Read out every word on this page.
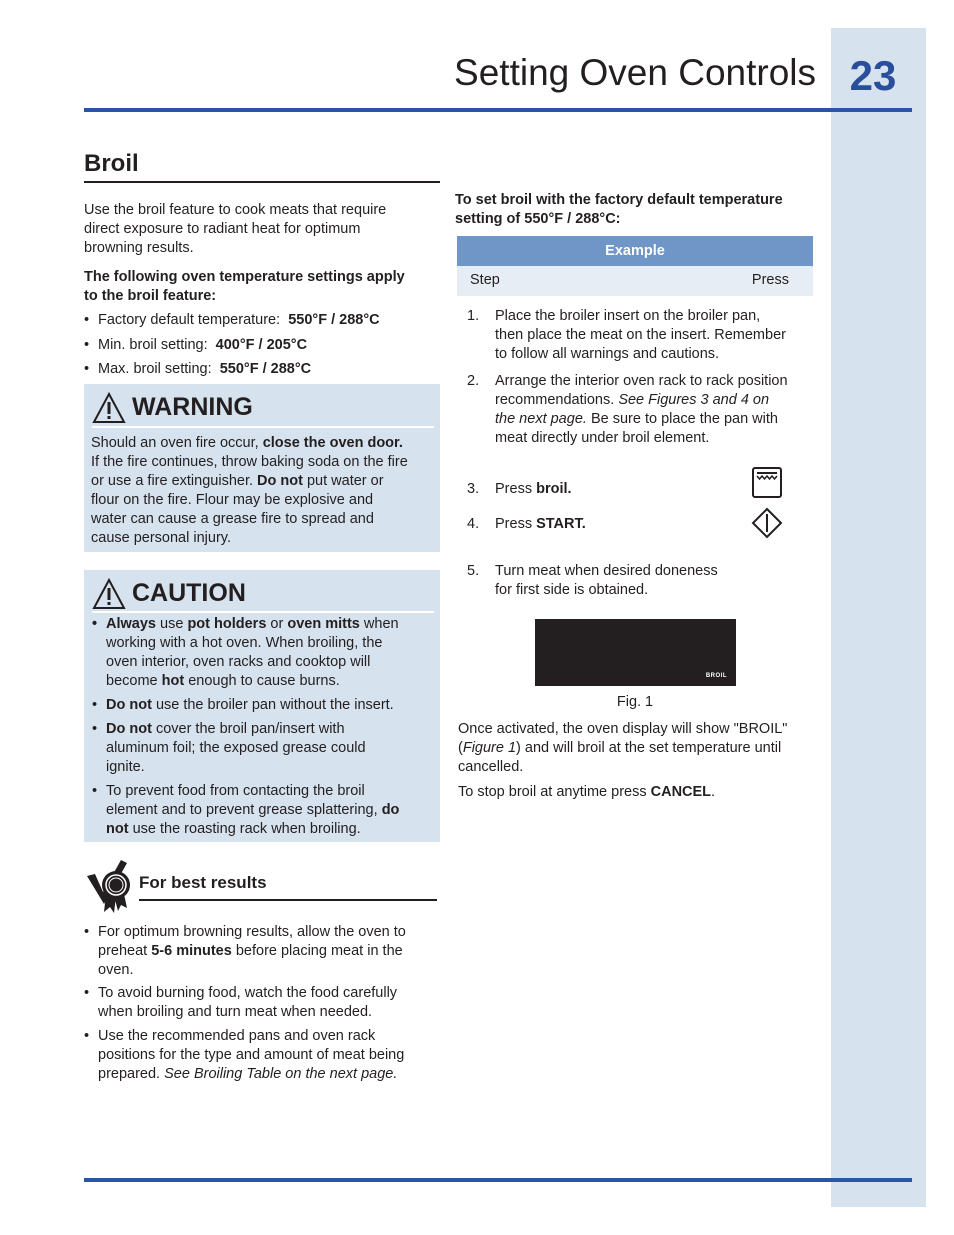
23
Setting Oven Controls
Broil
Use the broil feature to cook meats that require
direct exposure to radiant heat for optimum
browning results.
The following oven temperature settings apply
to the broil feature:
• Factory default temperature: 550°F / 288°C
• Min. broil setting: 400°F / 205°C
• Max. broil setting: 550°F / 288°C
WARNING
Should an oven fire occur, close the oven door.
If the fire continues, throw baking soda on the fire
or use a fire extinguisher. Do not put water or
flour on the fire. Flour may be explosive and
water can cause a grease fire to spread and
cause personal injury.
CAUTION
• Always use pot holders or oven mitts when
working with a hot oven. When broiling, the
oven interior, oven racks and cooktop will
become hot enough to cause burns.
• Do not use the broiler pan without the insert.
• Do not cover the broil pan/insert with
aluminum foil; the exposed grease could
ignite.
• To prevent food from contacting the broil
element and to prevent grease splattering, do
not use the roasting rack when broiling.
For best results
• For optimum browning results, allow the oven to
preheat 5-6 minutes before placing meat in the
oven.
• To avoid burning food, watch the food carefully
when broiling and turn meat when needed.
• Use the recommended pans and oven rack
positions for the type and amount of meat being
prepared. See Broiling Table on the next page.
To set broil with the factory default temperature
setting of 550°F / 288°C:
Example
Step	Press
1. Place the broiler insert on the broiler pan,
then place the meat on the insert. Remember
to follow all warnings and cautions.
2. Arrange the interior oven rack to rack position
recommendations. See Figures 3 and 4 on
the next page. Be sure to place the pan with
meat directly under broil element.
3. Press broil.
4. Press START.
5. Turn meat when desired doneness
for first side is obtained.
BROIL
Fig. 1
Once activated, the oven display will show "BROIL"
(Figure 1) and will broil at the set temperature until
cancelled.
To stop broil at anytime press CANCEL.
